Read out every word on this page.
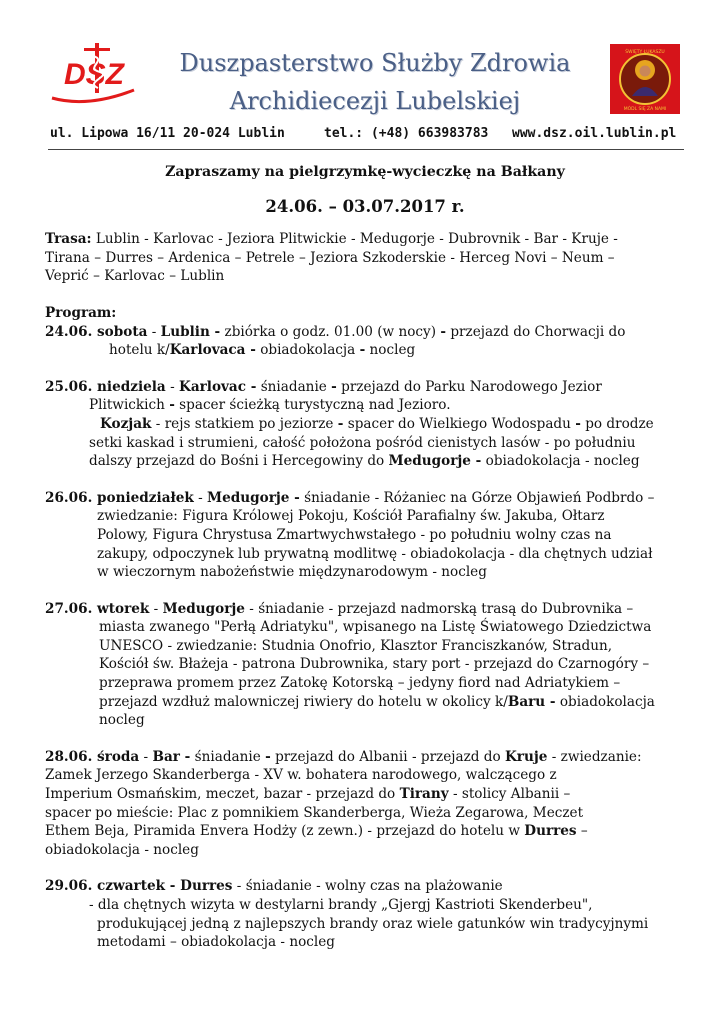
DSZ	Duszpasterstwo Służby Zdrowia
Archidiecezji Lubelskiej
ŚWIĘTY ŁUKASZU
MÓDL SIĘ ZA NAMI
ul. Lipowa 16/11 20-024 Lublin	tel.: (+48) 663983783 www.dsz.oil.lublin.pl
Zapraszamy na pielgrzymkę-wycieczkę na Bałkany
24.06. – 03.07.2017 r.
Trasa: Lublin - Karlovac - Jeziora Plitwickie - Medugorje - Dubrovnik - Bar - Kruje -
Tirana – Durres – Ardenica – Petrele – Jeziora Szkoderskie - Herceg Novi – Neum –
Veprić – Karlovac – Lublin
Program:
24.06. sobota - Lublin - zbiórka o godz. 01.00 (w nocy) - przejazd do Chorwacji do
hotelu k/Karlovaca - obiadokolacja - nocleg
25.06. niedziela - Karlovac - śniadanie - przejazd do Parku Narodowego Jezior
Plitwickich - spacer ścieżką turystyczną nad Jezioro.
Kozjak - rejs statkiem po jeziorze - spacer do Wielkiego Wodospadu - po drodze
setki kaskad i strumieni, całość położona pośród cienistych lasów - po południu
dalszy przejazd do Bośni i Hercegowiny do Medugorje - obiadokolacja - nocleg
26.06. poniedziałek - Medugorje - śniadanie - Różaniec na Górze Objawień Podbrdo –
zwiedzanie: Figura Królowej Pokoju, Kościół Parafialny św. Jakuba, Ołtarz
Polowy, Figura Chrystusa Zmartwychwstałego - po południu wolny czas na
zakupy, odpoczynek lub prywatną modlitwę - obiadokolacja - dla chętnych udział
w wieczornym nabożeństwie międzynarodowym - nocleg
27.06. wtorek - Medugorje - śniadanie - przejazd nadmorską trasą do Dubrovnika –
miasta zwanego "Perłą Adriatyku", wpisanego na Listę Światowego Dziedzictwa
UNESCO - zwiedzanie: Studnia Onofrio, Klasztor Franciszkanów, Stradun,
Kościół św. Błażeja - patrona Dubrownika, stary port - przejazd do Czarnogóry –
przeprawa promem przez Zatokę Kotorską – jedyny fiord nad Adriatykiem –
przejazd wzdłuż malowniczej riwiery do hotelu w okolicy k/Baru - obiadokolacja
nocleg
28.06. środa - Bar - śniadanie - przejazd do Albanii - przejazd do Kruje - zwiedzanie:
Zamek Jerzego Skanderberga - XV w. bohatera narodowego, walczącego z
Imperium Osmańskim, meczet, bazar - przejazd do Tirany - stolicy Albanii –
spacer po mieście: Plac z pomnikiem Skanderberga, Wieża Zegarowa, Meczet
Ethem Beja, Piramida Envera Hodży (z zewn.) - przejazd do hotelu w Durres –
obiadokolacja - nocleg
29.06. czwartek - Durres - śniadanie - wolny czas na plażowanie
- dla chętnych wizyta w destylarni brandy „Gjergj Kastrioti Skenderbeu",
produkującej jedną z najlepszych brandy oraz wiele gatunków win tradycyjnymi
metodami – obiadokolacja - nocleg
